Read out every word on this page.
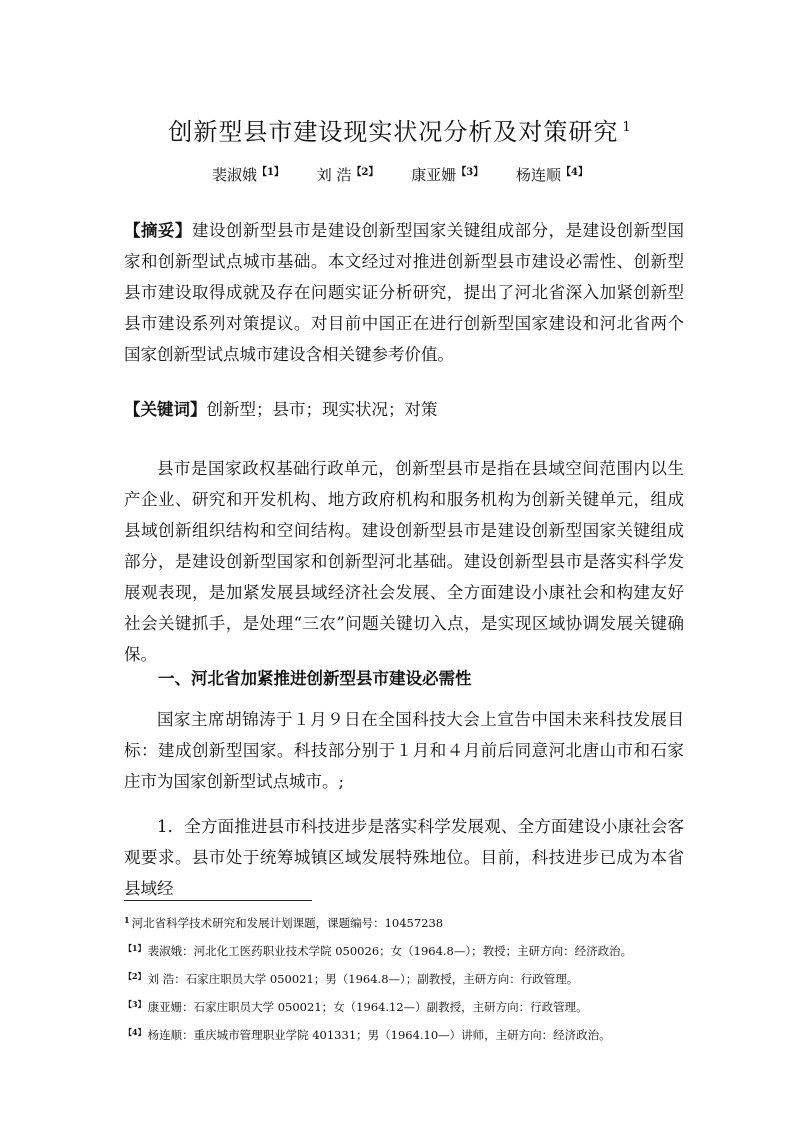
创新型县市建设现实状况分析及对策研究 $^1$
裴淑娥$^{【1】}$ 刘 浩$^{【2】}$ 康亚姗$^{【3】}$ 杨连顺$^{【4】}$

【摘妥】建设创新型县市是建设创新型国家关键组成部分，是建设创新型国家和创新型试点城市基础。本文经过对推进创新型县市建设必需性、创新型县市建设取得成就及存在问题实证分析研究，提出了河北省深入加紧创新型县市建设系列对策提议。对目前中国正在进行创新型国家建设和河北省两个国家创新型试点城市建设含相关键参考价值。

【关键词】创新型；县市；现实状况；对策

县市是国家政权基础行政单元，创新型县市是指在县域空间范围内以生产企业、研究和开发机构、地方政府机构和服务机构为创新关键单元，组成县域创新组织结构和空间结构。建设创新型县市是建设创新型国家关键组成部分，是建设创新型国家和创新型河北基础。建设创新型县市是落实科学发展观表现，是加紧发展县域经济社会发展、全方面建设小康社会和构建友好社会关键抓手，是处理“三农”问题关键切入点，是实现区域协调发展关键确保。

一、河北省加紧推进创新型县市建设必需性

国家主席胡锦涛于１月９日在全国科技大会上宣告中国未来科技发展目标：建成创新型国家。科技部分别于１月和４月前后同意河北唐山市和石家庄市为国家创新型试点城市。;

1．全方面推进县市科技进步是落实科学发展观、全方面建设小康社会客观要求。县市处于统筹城镇区域发展特殊地位。目前，科技进步已成为本省县域经

$^1$ 河北省科学技术研究和发展计划课题，课题编号：10457238
$^{【1】}$ 裴淑娥：河北化工医药职业技术学院 050026；女（1964.8—）；教授；主研方向：经济政治。
$^{【2】}$ 刘 浩：石家庄职员大学 050021；男（1964.8—）；副教授，主研方向：行政管理。
$^{【3】}$ 康亚姗：石家庄职员大学 050021；女（1964.12—）副教授，主研方向：行政管理。
$^{【4】}$ 杨连顺：重庆城市管理职业学院 401331；男（1964.10—）讲师，主研方向：经济政治。
